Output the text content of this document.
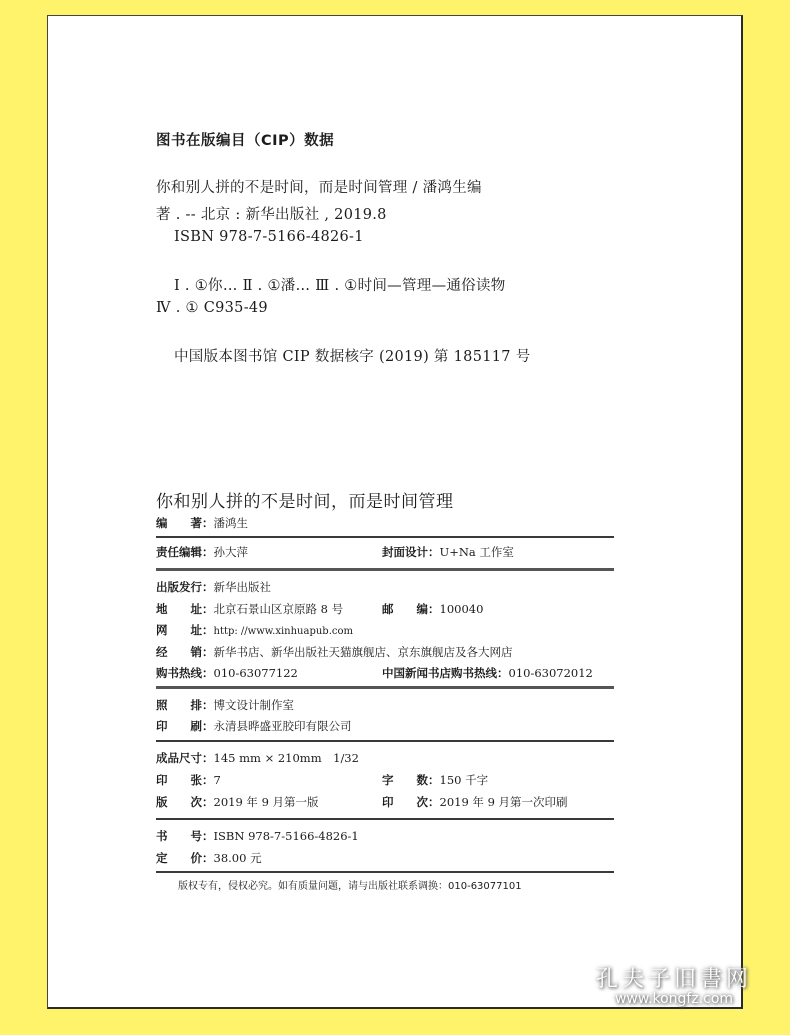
图书在版编目（CIP）数据
你和别人拼的不是时间，而是时间管理 / 潘鸿生编
著 . -- 北京 : 新华出版社 , 2019.8
ISBN 978-7-5166-4826-1
Ⅰ . ①你… Ⅱ . ①潘… Ⅲ . ①时间—管理—通俗读物
Ⅳ . ① C935-49
中国版本图书馆 CIP 数据核字 (2019) 第 185117 号
你和别人拼的不是时间，而是时间管理
编　　著：潘鸿生
责任编辑：孙大萍	封面设计：U+Na 工作室
出版发行：新华出版社
地　　址：北京石景山区京原路 8 号	邮　　编：100040
网　　址：http: //www.xinhuapub.com
经　　销：新华书店、新华出版社天猫旗舰店、京东旗舰店及各大网店
购书热线：010-63077122	中国新闻书店购书热线：010-63072012
照　　排：博文设计制作室
印　　刷：永清县晔盛亚胶印有限公司
成品尺寸：145 mm × 210mm　1/32
印　　张：7	字　　数：150 千字
版　　次：2019 年 9 月第一版	印　　次：2019 年 9 月第一次印刷
书　　号：ISBN 978-7-5166-4826-1
定　　价：38.00 元
版权专有，侵权必究。如有质量问题，请与出版社联系调换：010-63077101
孔夫子旧書网
www.kongfz.com
